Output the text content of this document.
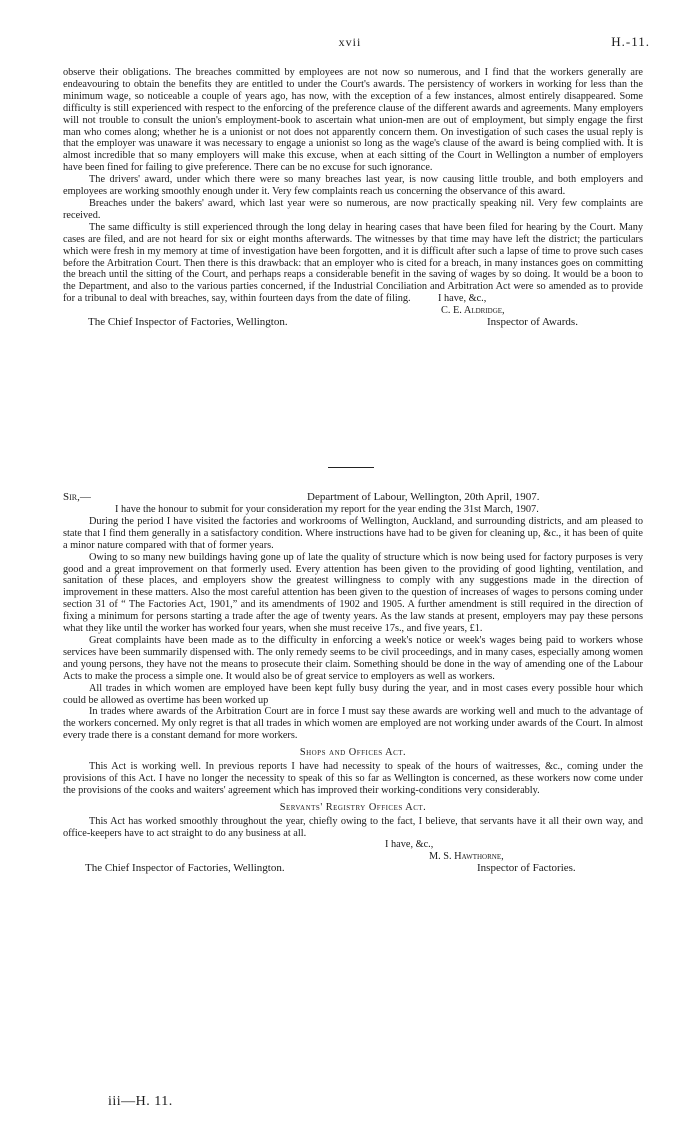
xvii	H.-11.

observe their obligations. The breaches committed by employees are not now so numerous, and I find that the workers generally are endeavouring to obtain the benefits they are entitled to under the Court's awards. The persistency of workers in working for less than the minimum wage, so noticeable a couple of years ago, has now, with the exception of a few instances, almost entirely disappeared. Some difficulty is still experienced with respect to the enforcing of the preference clause of the different awards and agreements. Many employers will not trouble to consult the union's employment-book to ascertain what union-men are out of employment, but simply engage the first man who comes along; whether he is a unionist or not does not apparently concern them. On investigation of such cases the usual reply is that the employer was unaware it was necessary to engage a unionist so long as the wage's clause of the award is being complied with. It is almost incredible that so many employers will make this excuse, when at each sitting of the Court in Wellington a number of employers have been fined for failing to give preference. There can be no excuse for such ignorance.

The drivers' award, under which there were so many breaches last year, is now causing little trouble, and both employers and employees are working smoothly enough under it. Very few complaints reach us concerning the observance of this award.

Breaches under the bakers' award, which last year were so numerous, are now practically speaking nil. Very few complaints are received.

The same difficulty is still experienced through the long delay in hearing cases that have been filed for hearing by the Court. Many cases are filed, and are not heard for six or eight months afterwards. The witnesses by that time may have left the district; the particulars which were fresh in my memory at time of investigation have been forgotten, and it is difficult after such a lapse of time to prove such cases before the Arbitration Court. Then there is this drawback: that an employer who is cited for a breach, in many instances goes on committing the breach until the sitting of the Court, and perhaps reaps a considerable benefit in the saving of wages by so doing. It would be a boon to the Department, and also to the various parties concerned, if the Industrial Conciliation and Arbitration Act were so amended as to provide for a tribunal to deal with breaches, say, within fourteen days from the date of filing.	I have, &c.,
C. E. Aldridge,
The Chief Inspector of Factories, Wellington.	Inspector of Awards.
Sir,—	Department of Labour, Wellington, 20th April, 1907.

I have the honour to submit for your consideration my report for the year ending the 31st March, 1907.

During the period I have visited the factories and workrooms of Wellington, Auckland, and surrounding districts, and am pleased to state that I find them generally in a satisfactory condition. Where instructions have had to be given for cleaning up, &c., it has been of quite a minor nature compared with that of former years.

Owing to so many new buildings having gone up of late the quality of structure which is now being used for factory purposes is very good and a great improvement on that formerly used. Every attention has been given to the providing of good lighting, ventilation, and sanitation of these places, and employers show the greatest willingness to comply with any suggestions made in the direction of improvement in these matters. Also the most careful attention has been given to the question of increases of wages to persons coming under section 31 of “ The Factories Act, 1901,” and its amendments of 1902 and 1905. A further amendment is still required in the direction of fixing a minimum for persons starting a trade after the age of twenty years. As the law stands at present, employers may pay these persons what they like until the worker has worked four years, when she must receive 17s., and five years, £1.

Great complaints have been made as to the difficulty in enforcing a week's notice or week's wages being paid to workers whose services have been summarily dispensed with. The only remedy seems to be civil proceedings, and in many cases, especially among women and young persons, they have not the means to prosecute their claim. Something should be done in the way of amending one of the Labour Acts to make the process a simple one. It would also be of great service to employers as well as workers.

All trades in which women are employed have been kept fully busy during the year, and in most cases every possible hour which could be allowed as overtime has been worked up

In trades where awards of the Arbitration Court are in force I must say these awards are working well and much to the advantage of the workers concerned. My only regret is that all trades in which women are employed are not working under awards of the Court. In almost every trade there is a constant demand for more workers.

Shops and Offices Act.

This Act is working well. In previous reports I have had necessity to speak of the hours of waitresses, &c., coming under the provisions of this Act. I have no longer the necessity to speak of this so far as Wellington is concerned, as these workers now come under the provisions of the cooks and waiters' agreement which has improved their working-conditions very considerably.

Servants' Registry Offices Act.

This Act has worked smoothly throughout the year, chiefly owing to the fact, I believe, that servants have it all their own way, and office-keepers have to act straight to do any business at all.

I have, &c.,
M. S. Hawthorne,
The Chief Inspector of Factories, Wellington.	Inspector of Factories.
iii—H. 11.
